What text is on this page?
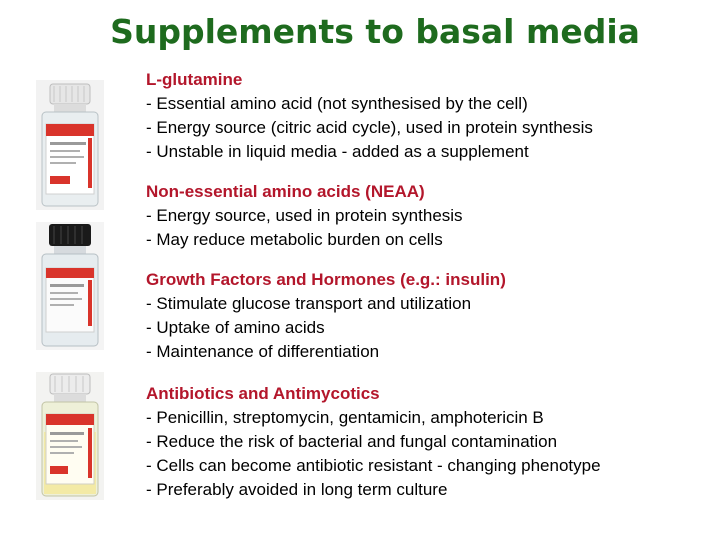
Supplements to basal media
L-glutamine
- Essential amino acid (not synthesised by the cell)
- Energy source (citric acid cycle), used in protein synthesis
- Unstable in liquid media - added as a supplement
Non-essential amino acids (NEAA)
- Energy source, used in protein synthesis
- May reduce metabolic burden on cells
Growth Factors and Hormones (e.g.: insulin)
- Stimulate glucose transport and utilization
- Uptake of amino acids
- Maintenance of differentiation
Antibiotics and Antimycotics
- Penicillin, streptomycin, gentamicin, amphotericin B
- Reduce the risk of bacterial and fungal contamination
- Cells can become antibiotic resistant - changing phenotype
- Preferably avoided in long term culture
